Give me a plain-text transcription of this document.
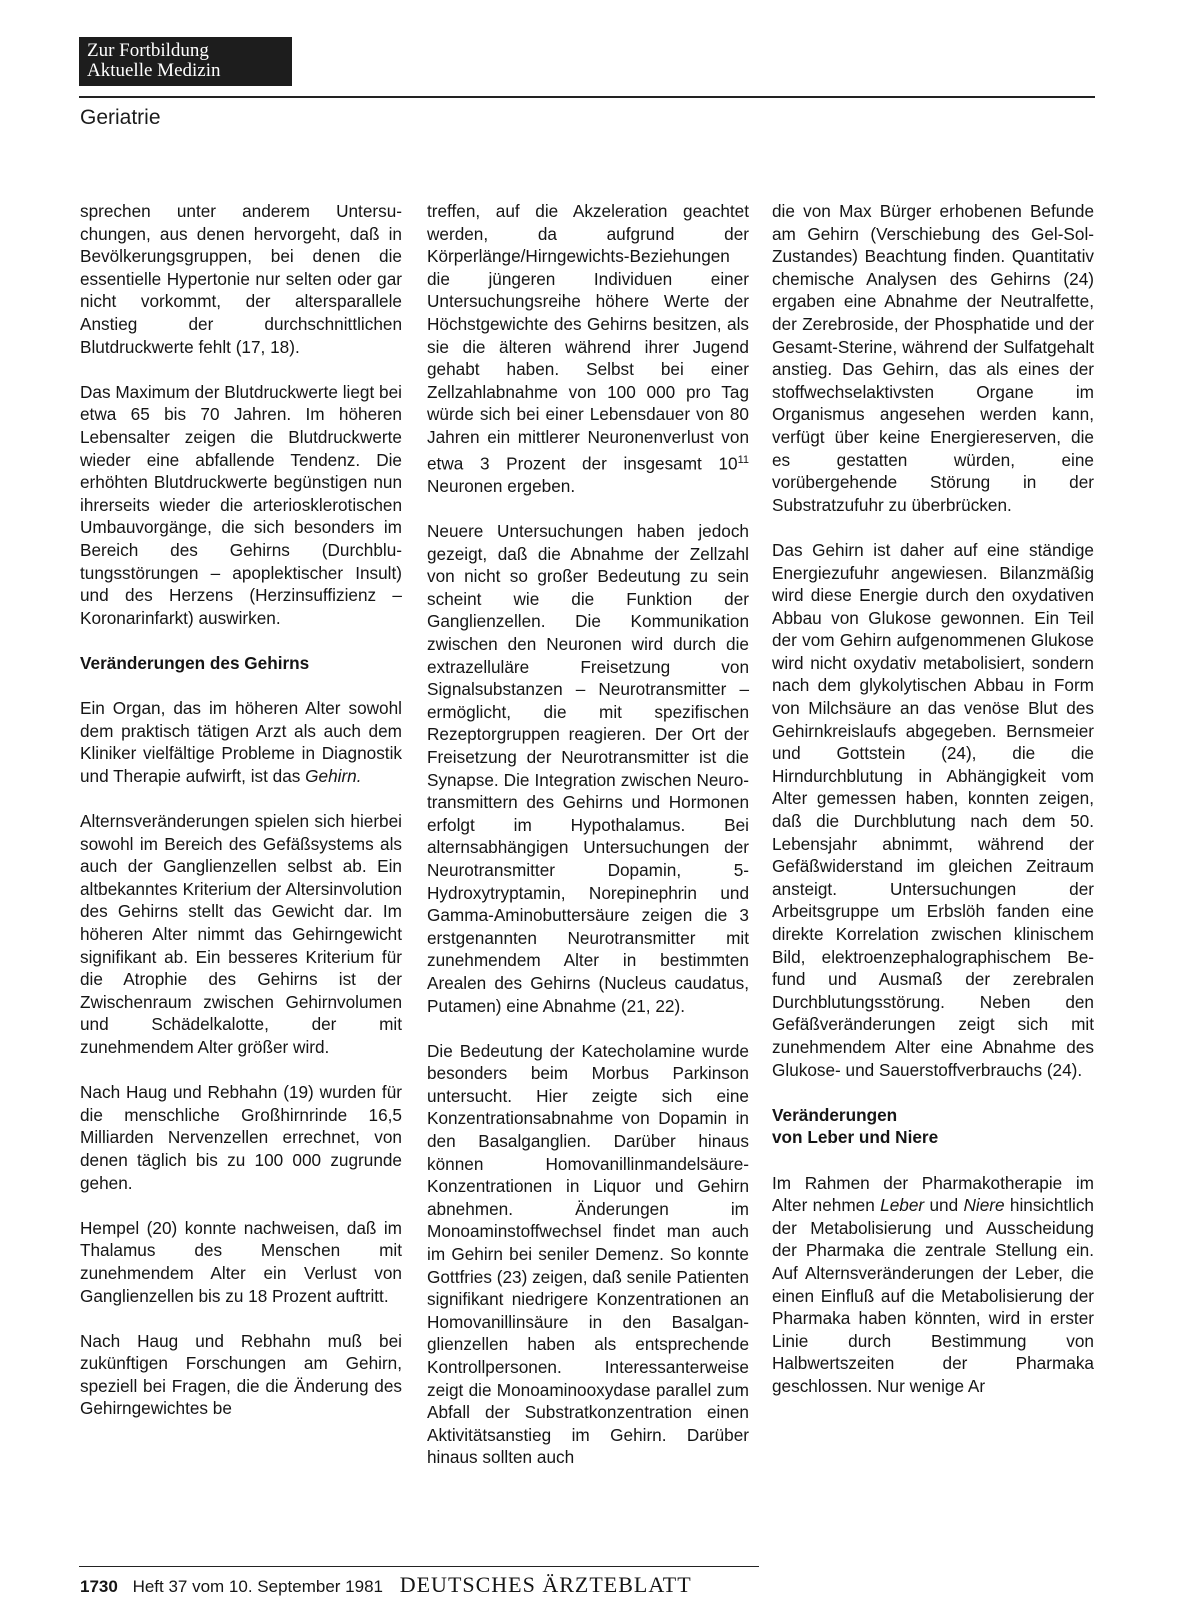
Zur Fortbildung
Aktuelle Medizin
Geriatrie

sprechen unter anderem Untersuchungen, aus denen hervorgeht, daß in Bevölkerungsgruppen, bei denen die essentielle Hypertonie nur selten oder gar nicht vorkommt, der altersparallele Anstieg der durchschnittlichen Blutdruckwerte fehlt (17, 18).

Das Maximum der Blutdruckwerte liegt bei etwa 65 bis 70 Jahren. Im höheren Lebensalter zeigen die Blutdruckwerte wieder eine abfallende Tendenz. Die erhöhten Blutdruckwerte begünstigen nun ihrerseits wieder die arteriosklerotischen Umbauvorgänge, die sich besonders im Bereich des Gehirns (Durchblutungsstörungen – apoplektischer Insult) und des Herzens (Herzinsuffizienz – Koronarinfarkt) auswirken.

Veränderungen des Gehirns

Ein Organ, das im höheren Alter sowohl dem praktisch tätigen Arzt als auch dem Kliniker vielfältige Probleme in Diagnostik und Therapie aufwirft, ist das Gehirn.

Alternsveränderungen spielen sich hierbei sowohl im Bereich des Gefäßsystems als auch der Ganglienzellen selbst ab. Ein altbekanntes Kriterium der Altersinvolution des Gehirns stellt das Gewicht dar. Im höheren Alter nimmt das Gehirngewicht signifikant ab. Ein besseres Kriterium für die Atrophie des Gehirns ist der Zwischenraum zwischen Gehirnvolumen und Schädelkalotte, der mit zunehmendem Alter größer wird.

Nach Haug und Rebhahn (19) wurden für die menschliche Großhirnrinde 16,5 Milliarden Nervenzellen errechnet, von denen täglich bis zu 100 000 zugrunde gehen.

Hempel (20) konnte nachweisen, daß im Thalamus des Menschen mit zunehmendem Alter ein Verlust von Ganglienzellen bis zu 18 Prozent auftritt.

Nach Haug und Rebhahn muß bei zukünftigen Forschungen am Gehirn, speziell bei Fragen, die die Änderung des Gehirngewichtes be

treffen, auf die Akzeleration geachtet werden, da aufgrund der Körperlänge/Hirngewichts-Beziehungen die jüngeren Individuen einer Untersuchungsreihe höhere Werte der Höchstgewichte des Gehirns besitzen, als sie die älteren während ihrer Jugend gehabt haben. Selbst bei einer Zellzahlabnahme von 100 000 pro Tag würde sich bei einer Lebensdauer von 80 Jahren ein mittlerer Neuronenverlust von etwa 3 Prozent der insgesamt $10^{11}$ Neuronen ergeben.

Neuere Untersuchungen haben jedoch gezeigt, daß die Abnahme der Zellzahl von nicht so großer Bedeutung zu sein scheint wie die Funktion der Ganglienzellen. Die Kommunikation zwischen den Neuronen wird durch die extrazelluläre Freisetzung von Signalsubstanzen – Neurotransmitter – ermöglicht, die mit spezifischen Rezeptorgruppen reagieren. Der Ort der Freisetzung der Neurotransmitter ist die Synapse. Die Integration zwischen Neurotransmittern des Gehirns und Hormonen erfolgt im Hypothalamus. Bei alternsabhängigen Untersuchungen der Neurotransmitter Dopamin, 5-Hydroxytryptamin, Norepinephrin und Gamma-Aminobuttersäure zeigen die 3 erstgenannten Neurotransmitter mit zunehmendem Alter in bestimmten Arealen des Gehirns (Nucleus caudatus, Putamen) eine Abnahme (21, 22).

Die Bedeutung der Katecholamine wurde besonders beim Morbus Parkinson untersucht. Hier zeigte sich eine Konzentrationsabnahme von Dopamin in den Basalganglien. Darüber hinaus können Homovanillinmandelsäure-Konzentrationen in Liquor und Gehirn abnehmen. Änderungen im Monoaminstoffwechsel findet man auch im Gehirn bei seniler Demenz. So konnte Gottfries (23) zeigen, daß senile Patienten signifikant niedrigere Konzentrationen an Homovanillinsäure in den Basalganglienzellen haben als entsprechende Kontrollpersonen. Interessanterweise zeigt die Monoaminooxydase parallel zum Abfall der Substratkonzentration einen Aktivitätsanstieg im Gehirn. Darüber hinaus sollten auch

die von Max Bürger erhobenen Befunde am Gehirn (Verschiebung des Gel-Sol-Zustandes) Beachtung finden. Quantitativ chemische Analysen des Gehirns (24) ergaben eine Abnahme der Neutralfette, der Zerebroside, der Phosphatide und der Gesamt-Sterine, während der Sulfatgehalt anstieg. Das Gehirn, das als eines der stoffwechselaktivsten Organe im Organismus angesehen werden kann, verfügt über keine Energiereserven, die es gestatten würden, eine vorübergehende Störung in der Substratzufuhr zu überbrücken.

Das Gehirn ist daher auf eine ständige Energiezufuhr angewiesen. Bilanzmäßig wird diese Energie durch den oxydativen Abbau von Glukose gewonnen. Ein Teil der vom Gehirn aufgenommenen Glukose wird nicht oxydativ metabolisiert, sondern nach dem glykolytischen Abbau in Form von Milchsäure an das venöse Blut des Gehirnkreislaufs abgegeben. Bernsmeier und Gottstein (24), die die Hirndurchblutung in Abhängigkeit vom Alter gemessen haben, konnten zeigen, daß die Durchblutung nach dem 50. Lebensjahr abnimmt, während der Gefäßwiderstand im gleichen Zeitraum ansteigt. Untersuchungen der Arbeitsgruppe um Erbslöh fanden eine direkte Korrelation zwischen klinischem Bild, elektroenzephalographischem Befund und Ausmaß der zerebralen Durchblutungsstörung. Neben den Gefäßveränderungen zeigt sich mit zunehmendem Alter eine Abnahme des Glukose- und Sauerstoffverbrauchs (24).

Veränderungen
von Leber und Niere

Im Rahmen der Pharmakotherapie im Alter nehmen Leber und Niere hinsichtlich der Metabolisierung und Ausscheidung der Pharmaka die zentrale Stellung ein. Auf Alternsveränderungen der Leber, die einen Einfluß auf die Metabolisierung der Pharmaka haben könnten, wird in erster Linie durch Bestimmung von Halbwertszeiten der Pharmaka geschlossen. Nur wenige Ar

1730 Heft 37 vom 10. September 1981 DEUTSCHES ÄRZTEBLATT
